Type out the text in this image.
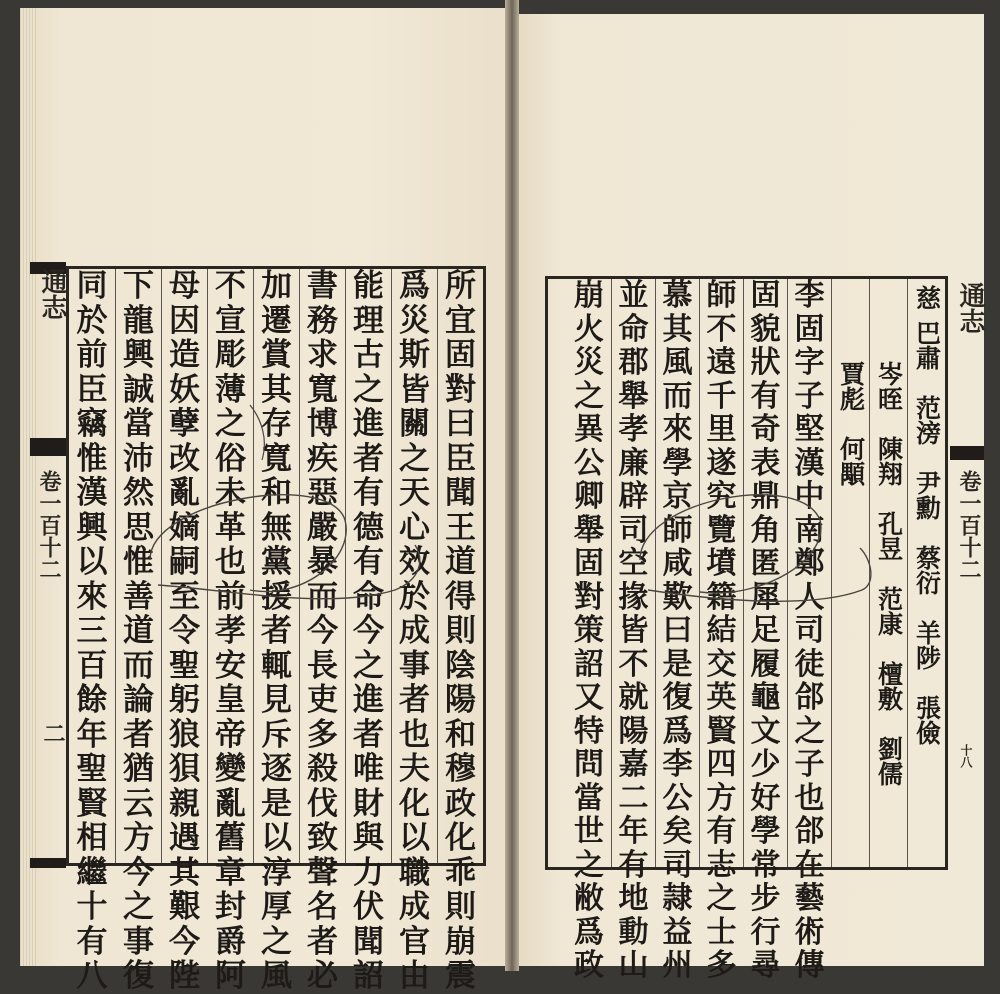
通志
卷一百十二
二
所
宜
固
對
曰
臣
聞
王
道
得
則
陰
陽
和
穆
政
化
乖
則
崩
震
爲
災
斯
皆
關
之
天
心
效
於
成
事
者
也
夫
化
以
職
成
官
由
能
理
古
之
進
者
有
德
有
命
今
之
進
者
唯
財
與
力
伏
聞
詔
書
務
求
寬
博
疾
惡
嚴
暴
而
今
長
吏
多
殺
伐
致
聲
名
者
必
加
遷
賞
其
存
寬
和
無
黨
援
者
輒
見
斥
逐
是
以
淳
厚
之
風
不
宣
彫
薄
之
俗
未
革
也
前
孝
安
皇
帝
變
亂
舊
章
封
爵
阿
母
因
造
妖
孽
改
亂
嫡
嗣
至
令
聖
躬
狼
狽
親
遇
其
艱
今
陛
下
龍
興
誠
當
沛
然
思
惟
善
道
而
論
者
猶
云
方
今
之
事
復
同
於
前
臣
竊
惟
漢
興
以
來
三
百
餘
年
聖
賢
相
繼
十
有
八
通志
卷一百十二
十八
慈
巴肅　范滂　尹勳　蔡衍　羊陟　張儉
岑晊　陳翔　孔昱　范康　檀敷　劉儒
賈彪　何顒
李
固
字
子
堅
漢
中
南
鄭
人
司
徒
郃
之
子
也
郃
在
藝
術
傳
固
貌
狀
有
奇
表
鼎
角
匿
犀
足
履
龜
文
少
好
學
常
步
行
尋
師
不
遠
千
里
遂
究
覽
墳
籍
結
交
英
賢
四
方
有
志
之
士
多
慕
其
風
而
來
學
京
師
咸
歎
曰
是
復
爲
李
公
矣
司
隷
益
州
並
命
郡
舉
孝
廉
辟
司
空
掾
皆
不
就
陽
嘉
二
年
有
地
動
山
崩
火
災
之
異
公
卿
舉
固
對
策
詔
又
特
問
當
世
之
敝
爲
政
